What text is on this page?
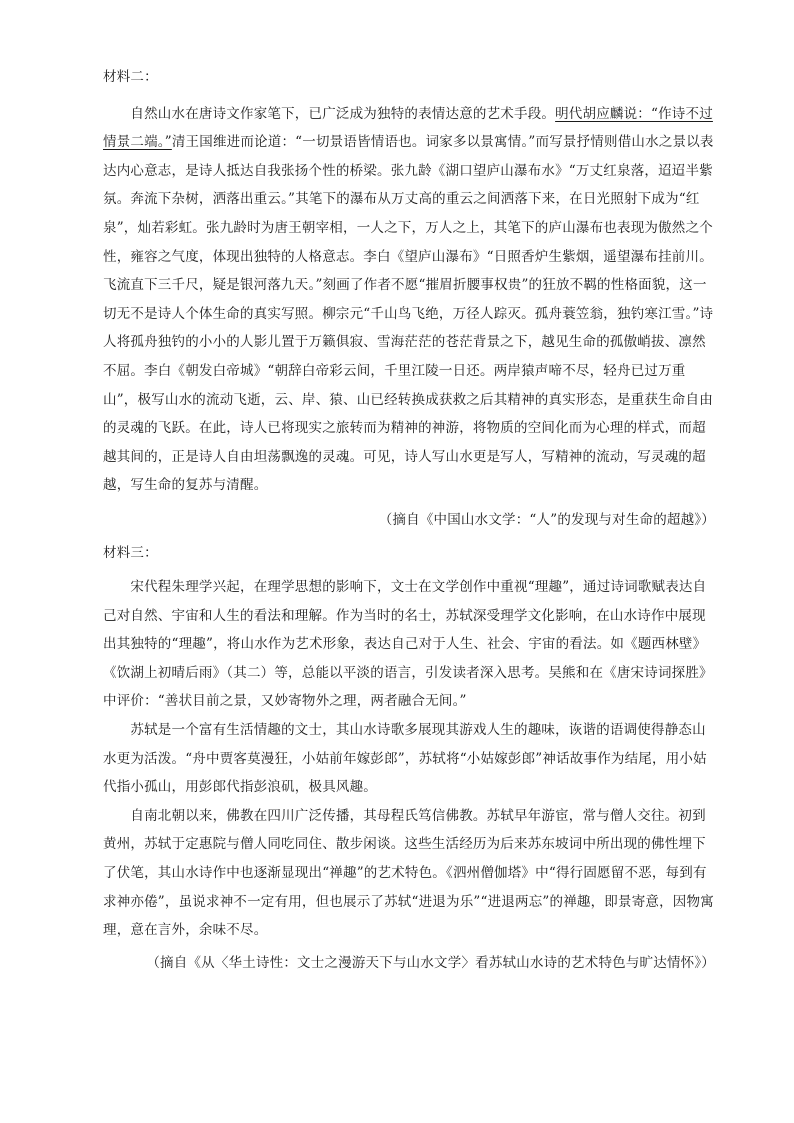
材料二：

　　自然山水在唐诗文作家笔下，已广泛成为独特的表情达意的艺术手段。明代胡应麟说：“作诗不过情景二端。”清王国维进而论道：“一切景语皆情语也。词家多以景寓情。”而写景抒情则借山水之景以表达内心意志，是诗人抵达自我张扬个性的桥梁。张九龄《湖口望庐山瀑布水》“万丈红泉落，迢迢半紫氛。奔流下杂树，洒落出重云。”其笔下的瀑布从万丈高的重云之间洒落下来，在日光照射下成为“红泉”，灿若彩虹。张九龄时为唐王朝宰相，一人之下，万人之上，其笔下的庐山瀑布也表现为傲然之个性，雍容之气度，体现出独特的人格意志。李白《望庐山瀑布》“日照香炉生紫烟，遥望瀑布挂前川。飞流直下三千尺，疑是银河落九天。”刻画了作者不愿“摧眉折腰事权贵”的狂放不羁的性格面貌，这一切无不是诗人个体生命的真实写照。柳宗元“千山鸟飞绝，万径人踪灭。孤舟蓑笠翁，独钓寒江雪。”诗人将孤舟独钓的小小的人影儿置于万籁俱寂、雪海茫茫的苍茫背景之下，越见生命的孤傲峭拔、凛然不屈。李白《朝发白帝城》“朝辞白帝彩云间，千里江陵一日还。两岸猿声啼不尽，轻舟已过万重山”，极写山水的流动飞逝，云、岸、猿、山已经转换成获救之后其精神的真实形态，是重获生命自由的灵魂的飞跃。在此，诗人已将现实之旅转而为精神的神游，将物质的空间化而为心理的样式，而超越其间的，正是诗人自由坦荡飘逸的灵魂。可见，诗人写山水更是写人，写精神的流动，写灵魂的超越，写生命的复苏与清醒。

（摘自《中国山水文学：“人”的发现与对生命的超越》）

材料三：

　　宋代程朱理学兴起，在理学思想的影响下，文士在文学创作中重视“理趣”，通过诗词歌赋表达自己对自然、宇宙和人生的看法和理解。作为当时的名士，苏轼深受理学文化影响，在山水诗作中展现出其独特的“理趣”，将山水作为艺术形象，表达自己对于人生、社会、宇宙的看法。如《题西林壁》《饮湖上初晴后雨》（其二）等，总能以平淡的语言，引发读者深入思考。吴熊和在《唐宋诗词探胜》中评价：“善状目前之景，又妙寄物外之理，两者融合无间。”

　　苏轼是一个富有生活情趣的文士，其山水诗歌多展现其游戏人生的趣味，诙谐的语调使得静态山水更为活泼。“舟中贾客莫漫狂，小姑前年嫁彭郎”，苏轼将“小姑嫁彭郎”神话故事作为结尾，用小姑代指小孤山，用彭郎代指彭浪矶，极具风趣。

　　自南北朝以来，佛教在四川广泛传播，其母程氏笃信佛教。苏轼早年游宦，常与僧人交往。初到黄州，苏轼于定惠院与僧人同吃同住、散步闲谈。这些生活经历为后来苏东坡词中所出现的佛性埋下了伏笔，其山水诗作中也逐渐显现出“禅趣”的艺术特色。《泗州僧伽塔》中“得行固愿留不恶，每到有求神亦倦”，虽说求神不一定有用，但也展示了苏轼“进退为乐”“进退两忘”的禅趣，即景寄意，因物寓理，意在言外，余味不尽。

（摘自《从〈华土诗性：文士之漫游天下与山水文学〉看苏轼山水诗的艺术特色与旷达情怀》）
